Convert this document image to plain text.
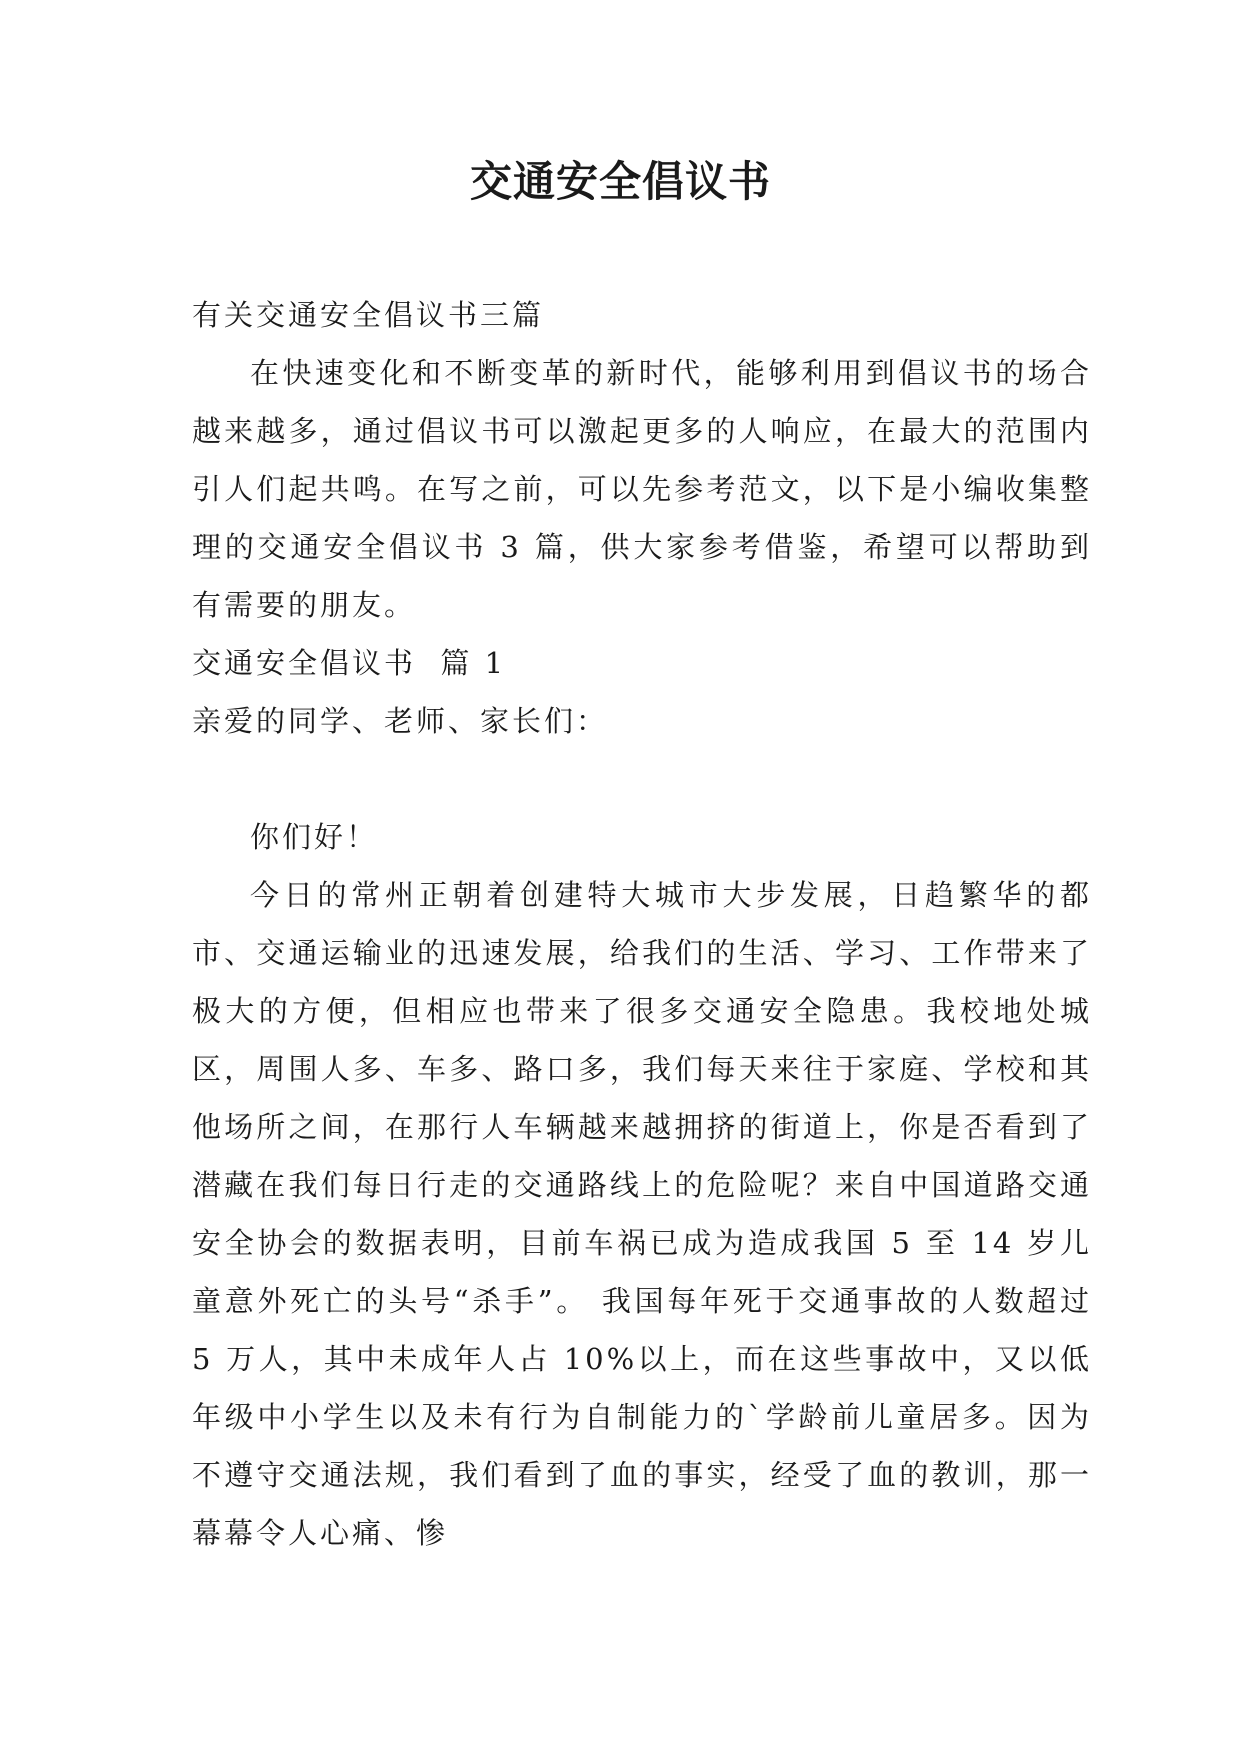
交通安全倡议书

有关交通安全倡议书三篇

在快速变化和不断变革的新时代，能够利用到倡议书的场合越来越多，通过倡议书可以激起更多的人响应，在最大的范围内引人们起共鸣。在写之前，可以先参考范文，以下是小编收集整理的交通安全倡议书 3 篇，供大家参考借鉴，希望可以帮助到有需要的朋友。

交通安全倡议书  篇 1

亲爱的同学、老师、家长们：

你们好！

今日的常州正朝着创建特大城市大步发展，日趋繁华的都市、交通运输业的迅速发展，给我们的生活、学习、工作带来了极大的方便，但相应也带来了很多交通安全隐患。我校地处城区，周围人多、车多、路口多，我们每天来往于家庭、学校和其他场所之间，在那行人车辆越来越拥挤的街道上，你是否看到了潜藏在我们每日行走的交通路线上的危险呢？来自中国道路交通安全协会的数据表明，目前车祸已成为造成我国 5 至 14 岁儿童意外死亡的头号“杀手”。 我国每年死于交通事故的人数超过 5 万人，其中未成年人占 10%以上，而在这些事故中，又以低年级中小学生以及未有行为自制能力的`学龄前儿童居多。因为不遵守交通法规，我们看到了血的事实，经受了血的教训，那一幕幕令人心痛、惨
